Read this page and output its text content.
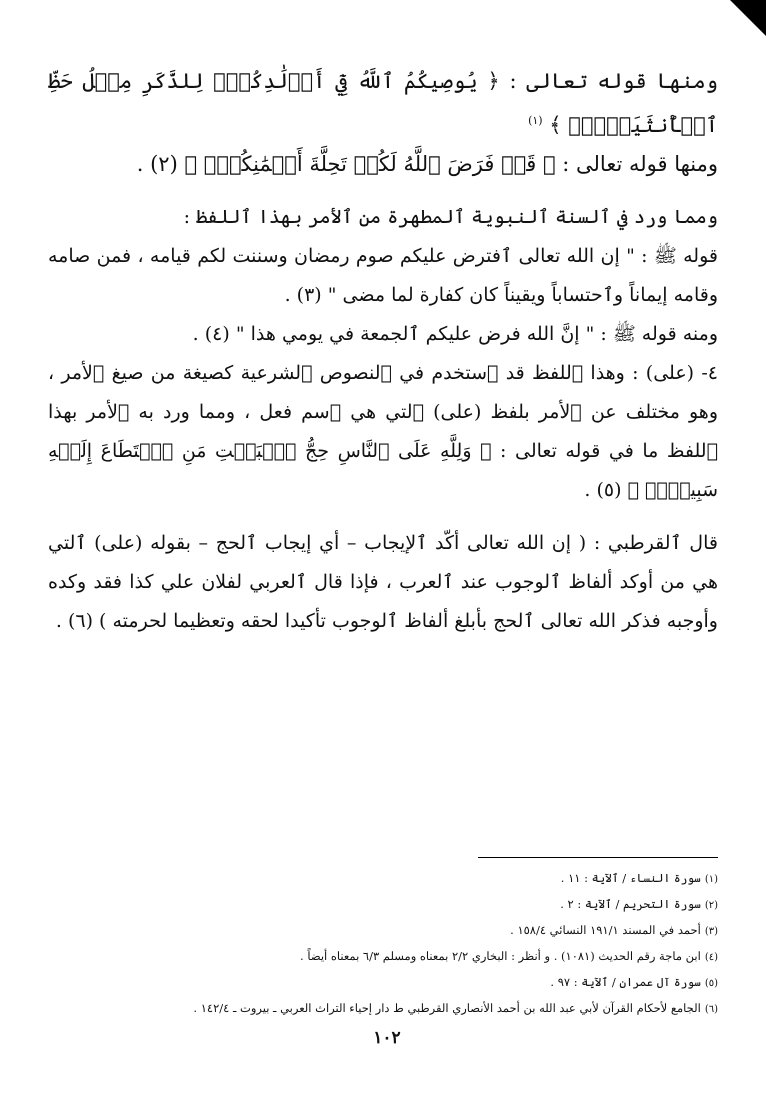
ومنها قوله تعالى : ﴿ يُوصِيكُمُ ٱللَّهُ فِيٓ أَوۡلَٰدِكُمۡۖ لِلذَّكَرِ مِثۡلُ حَظِّ ٱلۡأُنثَيَيۡنِۚ ﴾ $^{(١)}$

ومنها قوله تعالى : ﴿ قَدۡ فَرَضَ ٱللَّهُ لَكُمۡ تَحِلَّةَ أَيۡمَٰنِكُمۡۚ ﴾ (٢) .

ومما ورد في ٱلسنة ٱلنبوية ٱلمطهرة من ٱلأمر بهذا ٱللفظ :

قوله ﷺ : " إن الله تعالى ٱفترض عليكم صوم رمضان وسننت لكم قيامه ، فمن صامه وقامه إيماناً وٱحتساباً ويقيناً كان كفارة لما مضى " (٣) .

ومنه قوله ﷺ : " إنَّ الله فرض عليكم ٱلجمعة في يومي هذا " (٤) .

٤- (على) : وهذا ٱللفظ قد ٱستخدم في ٱلنصوص ٱلشرعية كصيغة من صيغ ٱلأمر ، وهو مختلف عن ٱلأمر بلفظ (على) ٱلتي هي ٱسم فعل ، ومما ورد به ٱلأمر بهذا ٱللفظ ما في قوله تعالى : ﴿ وَلِلَّهِ عَلَى ٱلنَّاسِ حِجُّ ٱلۡبَيۡتِ مَنِ ٱسۡتَطَاعَ إِلَيۡهِ سَبِيلٗاۚ ﴾ (٥) .

قال ٱلقرطبي : ( إن الله تعالى أكّد ٱلإيجاب – أي إيجاب ٱلحج – بقوله (على) ٱلتي هي من أوكد ألفاظ ٱلوجوب عند ٱلعرب ، فإذا قال ٱلعربي لفلان علي كذا فقد وكده وأوجبه فذكر الله تعالى ٱلحج بأبلغ ألفاظ ٱلوجوب تأكيدا لحقه وتعظيما لحرمته ) (٦) .

(١)سورة النساء / ٱلآية : ١١ .
(٢)سورة التحريم / ٱلآية : ٢ .
(٣)أحمد في المسند ١٩١/١ النسائي ١٥٨/٤ .
(٤)ابن ماجة رقم الحديث (١٠٨١) . و أنظر : البخاري ٢/٢ بمعناه ومسلم ٦/٣ بمعناه أيضاً .
(٥)سورة آل عمران / ٱلآية : ٩٧ .
(٦)الجامع لأحكام القرآن لأبي عبد الله بن أحمد الأنصاري القرطبي ط دار إحياء التراث العربي ـ بيروت ـ ١٤٢/٤ .
١٠٢
